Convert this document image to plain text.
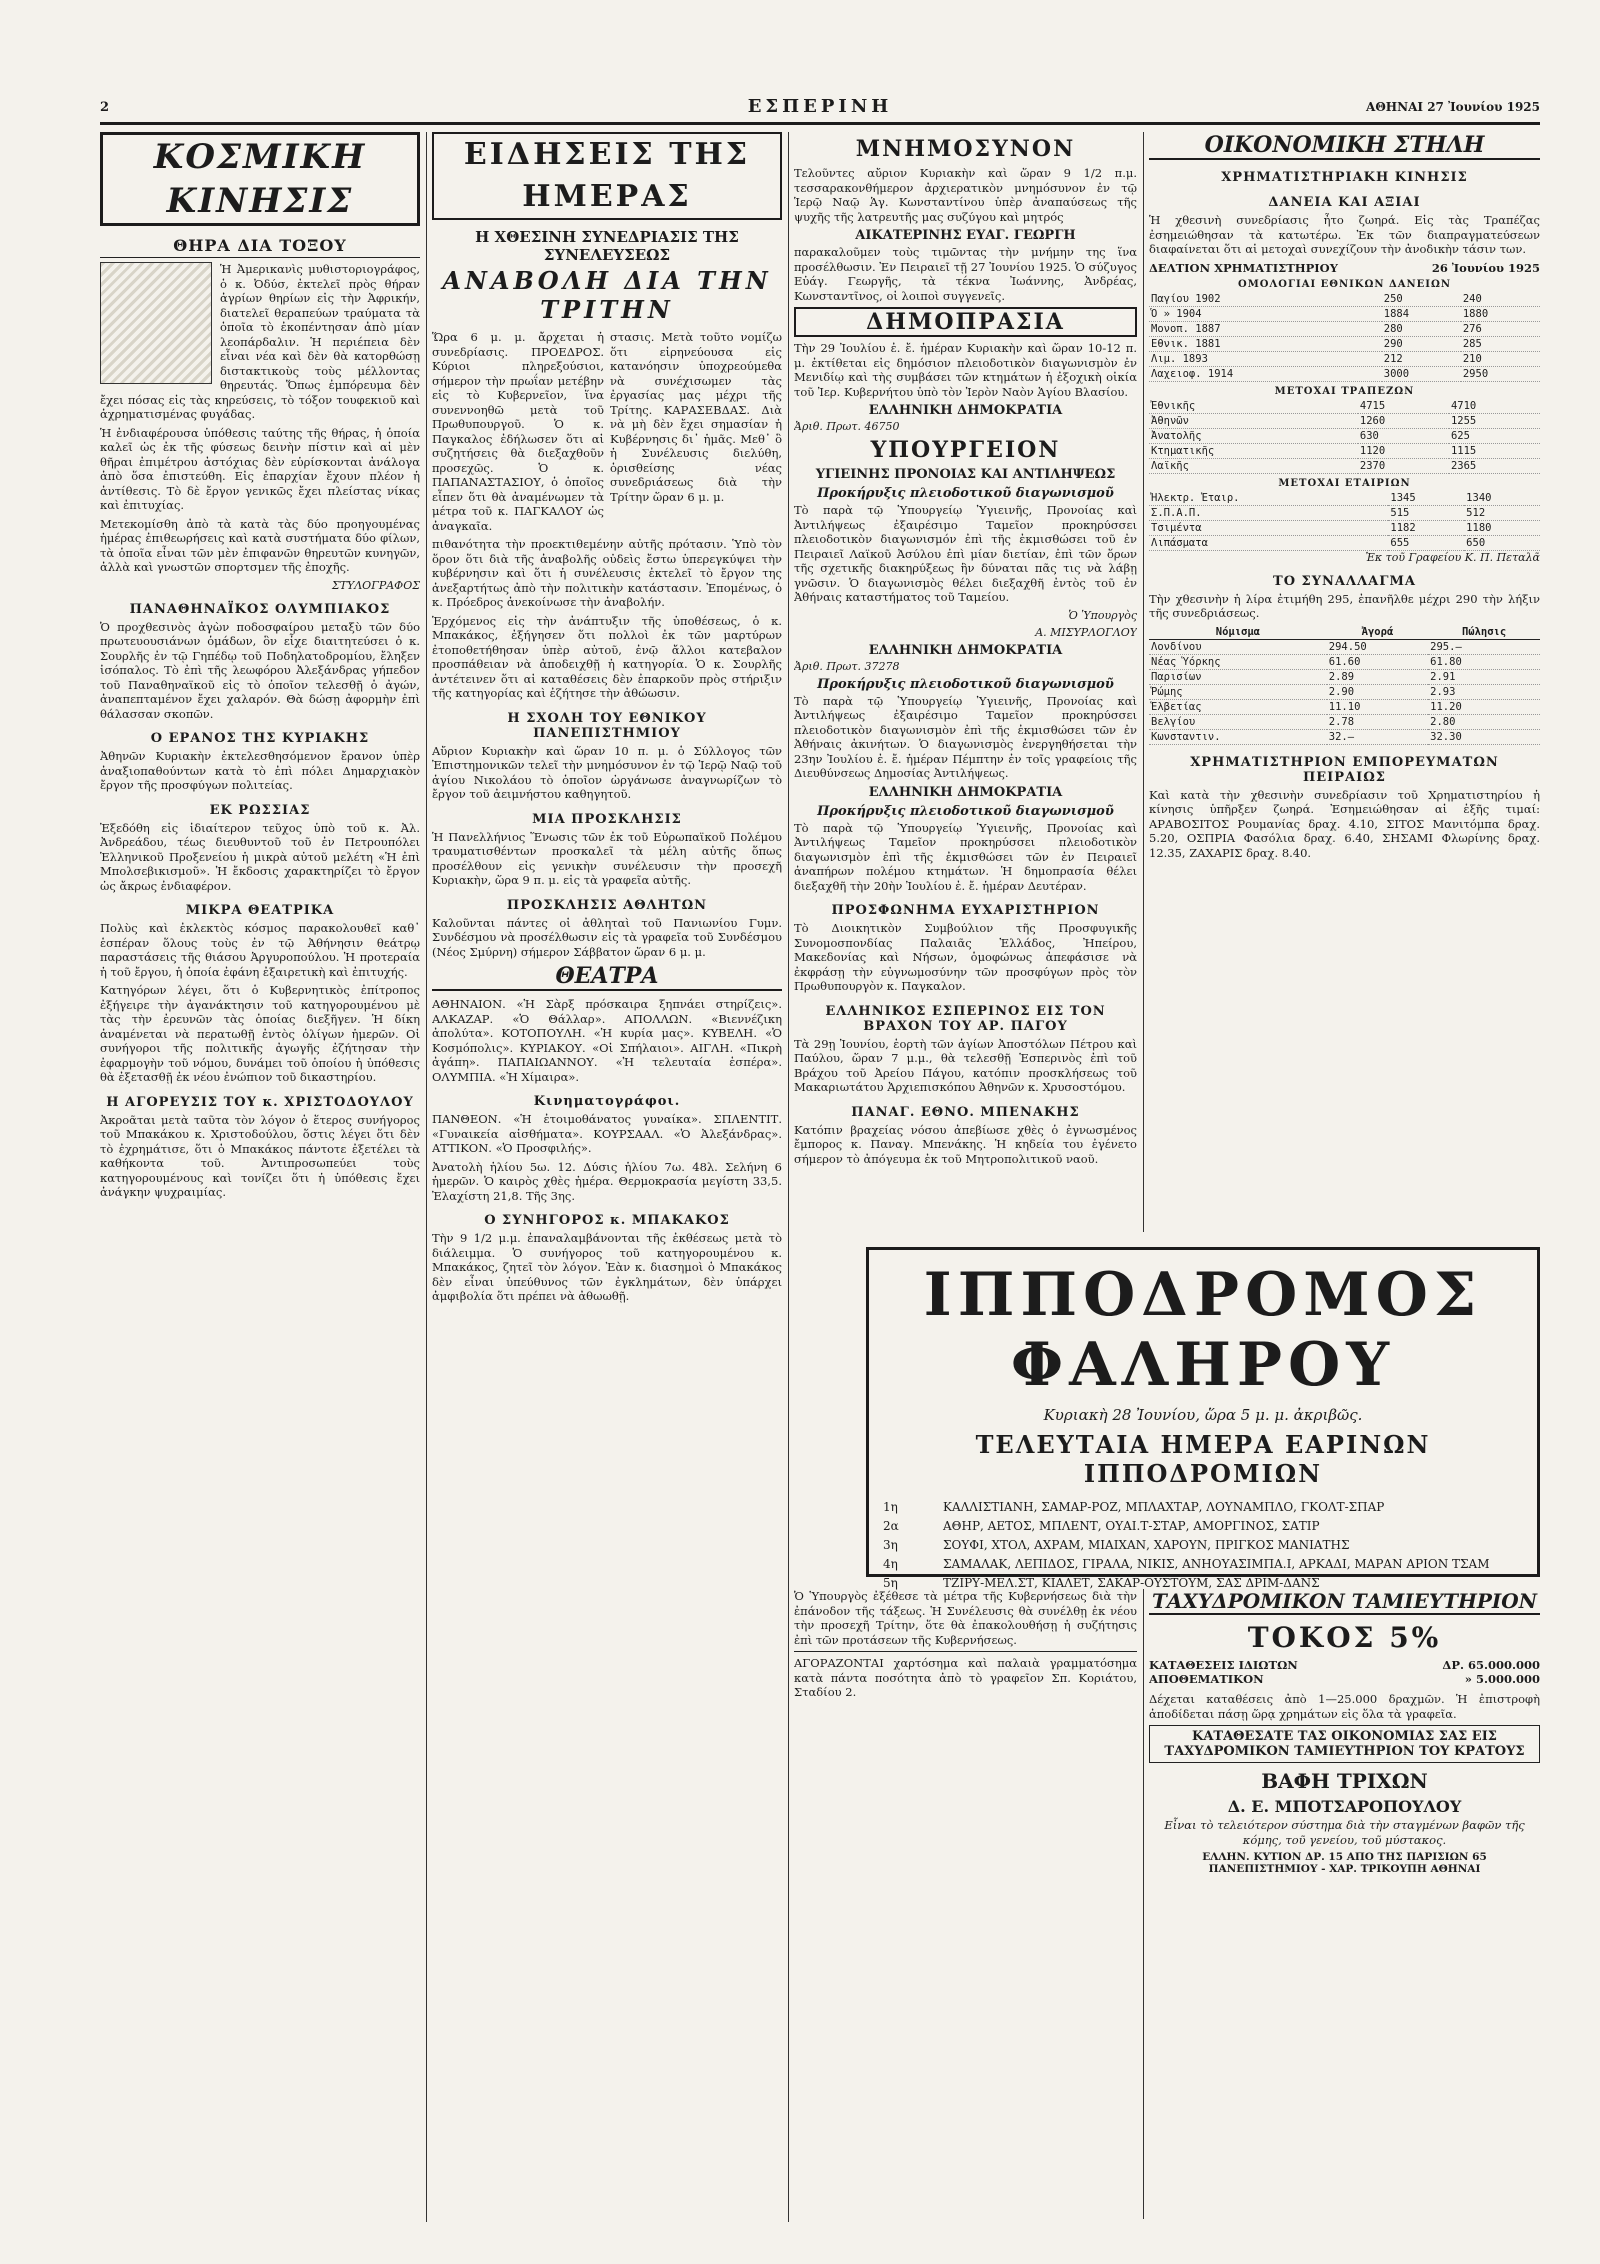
2	ΕΣΠΕΡΙΝΗ	ΑΘΗΝΑΙ 27 Ἰουνίου 1925
ΚΟΣΜΙΚΗ ΚΙΝΗΣΙΣ
ΘΗΡΑ ΔΙΑ ΤΟΞΟΥ

Ἡ Ἀμερικανὶς μυθιστοριογράφος, ὁ κ. Ὀδύσ, ἐκτελεῖ πρὸς θήραν ἀγρίων θηρίων εἰς τὴν Ἀφρικήν, διατελεῖ θεραπεύων τραύματα τὰ ὁποῖα τὸ ἐκοπέντησαν ἀπὸ μίαν λεοπάρδαλιν. Ἡ περιέπεια δὲν εἶναι νέα καὶ δὲν θὰ κατορθώσῃ διστακτικοὺς τοὺς μέλλοντας θηρευτάς. Ὅπως ἐμπόρευμα δὲν ἔχει πόσας εἰς τὰς κηρεύσεις, τὸ τόξον τουφεκιοῦ καὶ ἀχρηματισμένας φυγάδας.

Ἡ ἐνδιαφέρουσα ὑπόθεσις ταύτης τῆς θήρας, ἡ ὁποία καλεῖ ὡς ἐκ τῆς φύσεως δεινὴν πίστιν καὶ αἱ μὲν θῆραι ἐπιμέτρου ἀστόχιας δὲν εὑρίσκονται ἀνάλογα ἀπὸ ὅσα ἐπιστεύθη. Εἰς ἐπαρχίαν ἔχουν πλέον ἡ ἀντίθεσις. Τὸ δὲ ἔργον γενικῶς ἔχει πλείστας νίκας καὶ ἐπιτυχίας.

Μετεκομίσθη ἀπὸ τὰ κατὰ τὰς δύο προηγουμένας ἡμέρας ἐπιθεωρήσεις καὶ κατὰ συστήματα δύο φίλων, τὰ ὁποῖα εἶναι τῶν μὲν ἐπιφανῶν θηρευτῶν κυνηγῶν, ἀλλὰ καὶ γνωστῶν σπορτσμεν τῆς ἐποχῆς.

ΣΤΥΛΟΓΡΑΦΟΣ
ΠΑΝΑΘΗΝΑΪΚΟΣ ΟΛΥΜΠΙΑΚΟΣ

Ὁ προχθεσινὸς ἀγὼν ποδοσφαίρου μεταξὺ τῶν δύο πρωτευουσιάνων ὁμάδων, ὃν εἶχε διαιτητεύσει ὁ κ. Σουρλῆς ἐν τῷ Γηπέδῳ τοῦ Ποδηλατοδρομίου, ἔληξεν ἰσόπαλος. Τὸ ἐπὶ τῆς λεωφόρου Ἀλεξάνδρας γήπεδον τοῦ Παναθηναϊκοῦ εἰς τὸ ὁποῖον τελεσθῇ ὁ ἀγών, ἀναπεπταμένον ἔχει χαλαρόν. Θὰ δώσῃ ἀφορμὴν ἐπὶ θάλασσαν σκοπῶν.

Ο ΕΡΑΝΟΣ ΤΗΣ ΚΥΡΙΑΚΗΣ

Ἀθηνῶν Κυριακὴν ἐκτελεσθησόμενον ἔρανον ὑπὲρ ἀναξιοπαθούντων κατὰ τὸ ἐπὶ πόλει Δημαρχιακὸν ἔργον τῆς προσφύγων πολιτείας.

ΕΚ ΡΩΣΣΙΑΣ

Ἐξεδόθη εἰς ἰδιαίτερον τεῦχος ὑπὸ τοῦ κ. Ἀλ. Ἀνδρεάδου, τέως διευθυντοῦ τοῦ ἐν Πετρουπόλει Ἑλληνικοῦ Προξενείου ἡ μικρὰ αὐτοῦ μελέτη «Ἡ ἐπὶ Μπολσεβικισμοῦ». Ἡ ἔκδοσις χαρακτηρίζει τὸ ἔργον ὡς ἄκρως ἐνδιαφέρον.

ΜΙΚΡΑ ΘΕΑΤΡΙΚΑ

Πολὺς καὶ ἐκλεκτὸς κόσμος παρακολουθεῖ καθ᾽ ἑσπέραν ὅλους τοὺς ἐν τῷ Ἀθήνησιν θεάτρῳ παραστάσεις τῆς θιάσου Ἀργυροπούλου. Ἡ προτεραία ἡ τοῦ ἔργου, ἡ ὁποία ἐφάνη ἐξαιρετικὴ καὶ ἐπιτυχής.

Κατηγόρων λέγει, ὅτι ὁ Κυβερνητικὸς ἐπίτροπος ἐξήγειρε τὴν ἀγανάκτησιν τοῦ κατηγορουμένου μὲ τὰς τὴν ἐρευνῶν τὰς ὁποίας διεξῆγεν. Ἡ δίκη ἀναμένεται νὰ περατωθῇ ἐντὸς ὀλίγων ἡμερῶν. Οἱ συνήγοροι τῆς πολιτικῆς ἀγωγῆς ἐζήτησαν τὴν ἐφαρμογὴν τοῦ νόμου, δυνάμει τοῦ ὁποίου ἡ ὑπόθεσις θὰ ἐξετασθῇ ἐκ νέου ἐνώπιον τοῦ δικαστηρίου.

Η ΑΓΟΡΕΥΣΙΣ ΤΟΥ κ. ΧΡΙΣΤΟΔΟΥΛΟΥ

Ἀκροᾶται μετὰ ταῦτα τὸν λόγον ὁ ἕτερος συνήγορος τοῦ Μπακάκου κ. Χριστοδούλου, ὅστις λέγει ὅτι δὲν τὸ ἐχρημάτισε, ὅτι ὁ Μπακάκος πάντοτε ἐξετέλει τὰ καθήκοντα τοῦ. Ἀντιπροσωπεύει τοὺς κατηγορουμένους καὶ τονίζει ὅτι ἡ ὑπόθεσις ἔχει ἀνάγκην ψυχραιμίας.

ΕΙΔΗΣΕΙΣ ΤΗΣ ΗΜΕΡΑΣ
Η ΧΘΕΣΙΝΗ ΣΥΝΕΔΡΙΑΣΙΣ ΤΗΣ ΣΥΝΕΛΕΥΣΕΩΣ
ΑΝΑΒΟΛΗ ΔΙΑ ΤΗΝ ΤΡΙΤΗΝ

Ὥρα 6 μ. μ. ἄρχεται ἡ συνεδρίασις. ΠΡΟΕΔΡΟΣ. Κύριοι πληρεξούσιοι, σήμερον τὴν πρωΐαν μετέβην εἰς τὸ Κυβερνεῖον, ἵνα συνεννοηθῶ μετὰ τοῦ Πρωθυπουργοῦ. Ὁ κ. Παγκαλος ἐδήλωσεν ὅτι αἱ συζητήσεις θὰ διεξαχθοῦν προσεχῶς. Ὁ κ. ΠΑΠΑΝΑΣΤΑΣΙΟΥ, ὁ ὁποῖος εἶπεν ὅτι θὰ ἀναμένωμεν τὰ μέτρα τοῦ κ. ΠΑΓΚΑΛΟΥ ὡς ἀναγκαῖα.

στασις. Μετὰ τοῦτο νομίζω ὅτι εἰρηνεύουσα εἰς κατανόησιν ὑποχρεούμεθα νὰ συνέχισωμεν τὰς ἐργασίας μας μέχρι τῆς Τρίτης. ΚΑΡΑΣΕΒΔΑΣ. Διὰ νὰ μὴ δὲν ἔχει σημασίαν ἡ Κυβέρνησις δι᾽ ἡμᾶς. Μεθ᾽ ὃ ἡ Συνέλευσις διελύθη, ὁρισθείσης νέας συνεδριάσεως διὰ τὴν Τρίτην ὥραν 6 μ. μ.

πιθανότητα τὴν προεκτιθεμένην αὐτῆς πρότασιν. Ὑπὸ τὸν ὅρον ὅτι διὰ τῆς ἀναβολῆς οὐδεὶς ἔστω ὑπερεγκύψει τὴν κυβέρνησιν καὶ ὅτι ἡ συνέλευσις ἐκτελεῖ τὸ ἔργον της ἀνεξαρτήτως ἀπὸ τὴν πολιτικὴν κατάστασιν. Ἐπομένως, ὁ κ. Πρόεδρος ἀνεκοίνωσε τὴν ἀναβολήν.

Ἑρχόμενος εἰς τὴν ἀνάπτυξιν τῆς ὑποθέσεως, ὁ κ. Μπακάκος, ἐξήγησεν ὅτι πολλοὶ ἐκ τῶν μαρτύρων ἐτοποθετήθησαν ὑπὲρ αὐτοῦ, ἐνῷ ἄλλοι κατεβαλον προσπάθειαν νὰ ἀποδειχθῇ ἡ κατηγορία. Ὁ κ. Σουρλῆς ἀντέτεινεν ὅτι αἱ καταθέσεις δὲν ἐπαρκοῦν πρὸς στήριξιν τῆς κατηγορίας καὶ ἐζήτησε τὴν ἀθώωσιν.

Η ΣΧΟΛΗ ΤΟΥ ΕΘΝΙΚΟΥ ΠΑΝΕΠΙΣΤΗΜΙΟΥ

Αὔριον Κυριακὴν καὶ ὥραν 10 π. μ. ὁ Σύλλογος τῶν Ἐπιστημονικῶν τελεῖ τὴν μνημόσυνον ἐν τῷ Ἱερῷ Ναῷ τοῦ ἁγίου Νικολάου τὸ ὁποῖον ὠργάνωσε ἀναγνωρίζων τὸ ἔργον τοῦ ἀειμνήστου καθηγητοῦ.

ΜΙΑ ΠΡΟΣΚΛΗΣΙΣ

Ἡ Πανελλήνιος Ἕνωσις τῶν ἐκ τοῦ Εὐρωπαϊκοῦ Πολέμου τραυματισθέντων προσκαλεῖ τὰ μέλη αὐτῆς ὅπως προσέλθουν εἰς γενικὴν συνέλευσιν τὴν προσεχῆ Κυριακὴν, ὥρα 9 π. μ. εἰς τὰ γραφεῖα αὐτῆς.

ΠΡΟΣΚΛΗΣΙΣ ΑΘΛΗΤΩΝ

Καλοῦνται πάντες οἱ ἀθληταὶ τοῦ Πανιωνίου Γυμν. Συνδέσμου νὰ προσέλθωσιν εἰς τὰ γραφεῖα τοῦ Συνδέσμου (Νέος Σμύρνη) σήμερον Σάββατον ὥραν 6 μ. μ.

ΘΕΑΤΡΑ

ΑΘΗΝΑΙΟΝ. «Ἡ Σὰρξ πρόσκαιρα ξηπνάει στηρίζεις». ΑΛΚΑΖΑΡ. «Ὁ Θάλλαρ». ΑΠΟΛΛΩΝ. «Βιεννέζικη ἀπολύτα». ΚΟΤΟΠΟΥΛΗ. «Ἡ κυρία μας». ΚΥΒΕΛΗ. «Ὁ Κοσμόπολις». ΚΥΡΙΑΚΟΥ. «Οἱ Σπήλαιοι». ΑΙΓΛΗ. «Πικρὴ ἀγάπη». ΠΑΠΑΙΩΑΝΝΟΥ. «Ἡ τελευταία ἑσπέρα». ΟΛΥΜΠΙΑ. «Ἡ Χίμαιρα».

Κινηματογράφοι.

ΠΑΝΘΕΟΝ. «Ἡ ἐτοιμοθάνατος γυναίκα». ΣΠΛΕΝΤΙΤ. «Γυναικεία αἰσθήματα». ΚΟΥΡΣΑΑΛ. «Ὁ Ἀλεξάνδρας». ΑΤΤΙΚΟΝ. «Ὁ Προσφιλής».

Ἀνατολὴ ἡλίου 5ω. 12. Δύσις ἡλίου 7ω. 48λ. Σελήνη 6 ἡμερῶν. Ὁ καιρὸς χθὲς ἡμέρα. Θερμοκρασία μεγίστη 33,5. Ἐλαχίστη 21,8. Τῆς 3ης.

Ο ΣΥΝΗΓΟΡΟΣ κ. ΜΠΑΚΑΚΟΣ

Τὴν 9 1/2 μ.μ. ἐπαναλαμβάνονται τῆς ἐκθέσεως μετὰ τὸ διάλειμμα. Ὁ συνήγορος τοῦ κατηγορουμένου κ. Μπακάκος, ζητεῖ τὸν λόγον. Ἐὰν κ. διασημοὶ ὁ Μπακάκος δὲν εἶναι ὑπεύθυνος τῶν ἐγκλημάτων, δὲν ὑπάρχει ἀμφιβολία ὅτι πρέπει νὰ ἀθωωθῇ.

ΜΝΗΜΟΣΥΝΟΝ

Τελοῦντες αὔριον Κυριακὴν καὶ ὥραν 9 1/2 π.μ. τεσσαρακονθήμερον ἀρχιερατικὸν μνημόσυνον ἐν τῷ Ἱερῷ Ναῷ Ἁγ. Κωνσταντίνου ὑπὲρ ἀναπαύσεως τῆς ψυχῆς τῆς λατρευτῆς μας συζύγου καὶ μητρός

ΑΙΚΑΤΕΡΙΝΗΣ ΕΥΑΓ. ΓΕΩΡΓΗ

παρακαλοῦμεν τοὺς τιμῶντας τὴν μνήμην της ἵνα προσέλθωσιν. Ἐν Πειραιεῖ τῇ 27 Ἰουνίου 1925. Ὁ σύζυγος Εὐάγ. Γεωργῆς, τὰ τέκνα Ἰωάννης, Ἀνδρέας, Κωνσταντῖνος, οἱ λοιποὶ συγγενεῖς.

ΔΗΜΟΠΡΑΣΙΑ

Τὴν 29 Ἰουλίου ἐ. ἔ. ἡμέραν Κυριακὴν καὶ ὥραν 10-12 π. μ. ἐκτίθεται εἰς δημόσιον πλειοδοτικὸν διαγωνισμὸν ἐν Μενιδίῳ καὶ τὴς συμβάσει τῶν κτημάτων ἡ ἐξοχικὴ οἰκία τοῦ Ἰερ. Κυβερνήτου ὑπὸ τὸν Ἱερὸν Ναὸν Ἁγίου Βλασίου.

ΕΛΛΗΝΙΚΗ ΔΗΜΟΚΡΑΤΙΑ
Ἀριθ. Πρωτ. 46750
ΥΠΟΥΡΓΕΙΟΝ
ΥΓΙΕΙΝΗΣ ΠΡΟΝΟΙΑΣ ΚΑΙ ΑΝΤΙΛΗΨΕΩΣ
Προκήρυξις πλειοδοτικοῦ διαγωνισμοῦ

Τὸ παρὰ τῷ Ὑπουργείῳ Ὑγιεινῆς, Προνοίας καὶ Ἀντιλήψεως ἐξαιρέσιμο Ταμεῖον προκηρύσσει πλειοδοτικὸν διαγωνισμόν ἐπὶ τῆς ἐκμισθώσει τοῦ ἐν Πειραιεῖ Λαϊκοῦ Ἀσύλου ἐπὶ μίαν διετίαν, ἐπὶ τῶν ὅρων τῆς σχετικῆς διακηρύξεως ἣν δύναται πᾶς τις νὰ λάβῃ γνῶσιν. Ὁ διαγωνισμὸς θέλει διεξαχθῆ ἐντὸς τοῦ ἐν Ἀθήναις καταστήματος τοῦ Ταμείου.

Ὁ Ὑπουργὸς
Α. ΜΙΣΥΡΛΟΓΛΟΥ
ΕΛΛΗΝΙΚΗ ΔΗΜΟΚΡΑΤΙΑ
Ἀριθ. Πρωτ. 37278
Προκήρυξις πλειοδοτικοῦ διαγωνισμοῦ

Τὸ παρὰ τῷ Ὑπουργείῳ Ὑγιεινῆς, Προνοίας καὶ Ἀντιλήψεως ἐξαιρέσιμο Ταμεῖον προκηρύσσει πλειοδοτικὸν διαγωνισμὸν ἐπὶ τῆς ἐκμισθώσει τῶν ἐν Ἀθήναις ἀκινήτων. Ὁ διαγωνισμὸς ἐνεργηθήσεται τὴν 23ην Ἰουλίου ἐ. ἔ. ἡμέραν Πέμπτην ἐν τοῖς γραφείοις τῆς Διευθύνσεως Δημοσίας Ἀντιλήψεως.

ΕΛΛΗΝΙΚΗ ΔΗΜΟΚΡΑΤΙΑ
Προκήρυξις πλειοδοτικοῦ διαγωνισμοῦ

Τὸ παρὰ τῷ Ὑπουργείῳ Ὑγιεινῆς, Προνοίας καὶ Ἀντιλήψεως Ταμεῖον προκηρύσσει πλειοδοτικὸν διαγωνισμὸν ἐπὶ τῆς ἐκμισθώσει τῶν ἐν Πειραιεῖ ἀναπήρων πολέμου κτημάτων. Ἡ δημοπρασία θέλει διεξαχθῆ τὴν 20ὴν Ἰουλίου ἐ. ἔ. ἡμέραν Δευτέραν.

ΠΡΟΣΦΩΝΗΜΑ ΕΥΧΑΡΙΣΤΗΡΙΟΝ

Τὸ Διοικητικὸν Συμβούλιον τῆς Προσφυγικῆς Συνομοσπονδίας Παλαιᾶς Ἑλλάδος, Ἠπείρου, Μακεδονίας καὶ Νήσων, ὁμοφώνως ἀπεφάσισε νὰ ἐκφράσῃ τὴν εὐγνωμοσύνην τῶν προσφύγων πρὸς τὸν Πρωθυπουργὸν κ. Παγκαλον.

ΕΛΛΗΝΙΚΟΣ ΕΣΠΕΡΙΝΟΣ ΕΙΣ ΤΟΝ ΒΡΑΧΟΝ ΤΟΥ ΑΡ. ΠΑΓΟΥ

Τὰ 29ῃ Ἰουνίου, ἑορτὴ τῶν ἁγίων Ἀποστόλων Πέτρου καὶ Παύλου, ὥραν 7 μ.μ., θὰ τελεσθῇ Ἑσπερινὸς ἐπὶ τοῦ Βράχου τοῦ Ἀρείου Πάγου, κατόπιν προσκλήσεως τοῦ Μακαριωτάτου Ἀρχιεπισκόπου Ἀθηνῶν κ. Χρυσοστόμου.

ΠΑΝΑΓ. ΕΘΝΟ. ΜΠΕΝΑΚΗΣ

Κατόπιν βραχείας νόσου ἀπεβίωσε χθὲς ὁ ἐγνωσμένος ἔμπορος κ. Παναγ. Μπενάκης. Ἡ κηδεία του ἐγένετο σήμερον τὸ ἀπόγευμα ἐκ τοῦ Μητροπολιτικοῦ ναοῦ.

ΟΙΚΟΝΟΜΙΚΗ ΣΤΗΛΗ
ΧΡΗΜΑΤΙΣΤΗΡΙΑΚΗ ΚΙΝΗΣΙΣ
ΔΑΝΕΙΑ ΚΑΙ ΑΞΙΑΙ

Ἡ χθεσινὴ συνεδρίασις ἦτο ζωηρά. Εἰς τὰς Τραπέζας ἐσημειώθησαν τὰ κατωτέρω. Ἐκ τῶν διαπραγματεύσεων διαφαίνεται ὅτι αἱ μετοχαὶ συνεχίζουν τὴν ἀνοδικὴν τάσιν των.

ΔΕΛΤΙΟΝ ΧΡΗΜΑΤΙΣΤΗΡΙΟΥ	26 Ἰουνίου 1925
ΟΜΟΛΟΓΙΑΙ ΕΘΝΙΚΩΝ ΔΑΝΕΙΩΝ
Παγίου 1902	250	240
Ὁ » 1904	1884	1880
Μονοπ. 1887	280	276
Εθνικ. 1881	290	285
Λιμ. 1893	212	210
Λαχειοφ. 1914	3000	2950
ΜΕΤΟΧΑΙ ΤΡΑΠΕΖΩΝ
Ἐθνικῆς	4715	4710
Ἀθηνῶν	1260	1255
Ἀνατολῆς	630	625
Κτηματικῆς	1120	1115
Λαϊκῆς	2370	2365
ΜΕΤΟΧΑΙ ΕΤΑΙΡΙΩΝ
Ἠλεκτρ. Ἑταιρ.	1345	1340
Σ.Π.Α.Π.	515	512
Τσιμέντα	1182	1180
Λιπάσματα	655	650
Ἐκ τοῦ Γραφείου Κ. Π. Πεταλᾶ
ΤΟ ΣΥΝΑΛΛΑΓΜΑ

Τὴν χθεσινὴν ἡ λίρα ἐτιμήθη 295, ἐπανῆλθε μέχρι 290 τὴν λήξιν τῆς συνεδριάσεως.

Νόμισμα	Ἀγορά	Πώλησις
Λονδίνου	294.50	295.—
Νέας Ὑόρκης	61.60	61.80
Παρισίων	2.89	2.91
Ῥώμης	2.90	2.93
Ἑλβετίας	11.10	11.20
Βελγίου	2.78	2.80
Κωνσταντιν.	32.—	32.30
ΧΡΗΜΑΤΙΣΤΗΡΙΟΝ ΕΜΠΟΡΕΥΜΑΤΩΝ ΠΕΙΡΑΙΩΣ

Καὶ κατὰ τὴν χθεσινὴν συνεδρίασιν τοῦ Χρηματιστηρίου ἡ κίνησις ὑπῆρξεν ζωηρά. Ἐσημειώθησαν αἱ ἑξῆς τιμαί: ΑΡΑΒΟΣΙΤΟΣ Ρουμανίας δραχ. 4.10, ΣΙΤΟΣ Μανιτόμπα δραχ. 5.20, ΟΣΠΡΙΑ Φασόλια δραχ. 6.40, ΣΗΣΑΜΙ Φλωρίνης δραχ. 12.35, ΖΑΧΑΡΙΣ δραχ. 8.40.

ΙΠΠΟΔΡΟΜΟΣ ΦΑΛΗΡΟΥ
Κυριακὴ 28 Ἰουνίου, ὥρα 5 μ. μ. ἀκριβῶς.
ΤΕΛΕΥΤΑΙΑ ΗΜΕΡΑ ΕΑΡΙΝΩΝ ΙΠΠΟΔΡΟΜΙΩΝ
1η	ΚΑΛΛΙΣΤΙΑΝΗ, ΣΑΜΑΡ-ΡΟΖ, ΜΠΛΑΧΤΑΡ, ΛΟΥΝΑΜΠΛΟ, ΓΚΟΛΤ-ΣΠΑΡ
2α	ΑΘΗΡ, ΑΕΤΟΣ, ΜΠΛΕΝΤ, ΟΥΑΙ.Τ-ΣΤΑΡ, ΑΜΟΡΓΙΝΟΣ, ΣΑΤΙΡ
3η	ΣΟΥΦΙ, ΧΤΟΛ, ΑΧΡΑΜ, ΜΙΑΙΧΑΝ, ΧΑΡΟΥΝ, ΠΡΙΓΚΟΣ ΜΑΝΙΑΤΗΣ
4η	ΣΑΜΑΛΑΚ, ΛΕΠΙΔΟΣ, ΓΙΡΑΛΑ, ΝΙΚΙΣ, ΑΝΗΟΥΑΣΙΜΠΑ.Ι, ΑΡΚΑΔΙ, ΜΑΡΑΝ ΑΡΙΟΝ ΤΣΑΜ
5η	ΤΖΙΡΥ-ΜΕΛ.ΣΤ, ΚΙΑΛΕΤ, ΣΑΚΑΡ-ΟΥΣΤΟΥΜ, ΣΑΣ ΔΡΙΜ-ΔΑΝΣ

Ὁ Ὑπουργὸς ἐξέθεσε τὰ μέτρα τῆς Κυβερνήσεως διὰ τὴν ἐπάνοδον τῆς τάξεως. Ἡ Συνέλευσις θὰ συνέλθῃ ἐκ νέου τὴν προσεχῆ Τρίτην, ὅτε θὰ ἐπακολουθήσῃ ἡ συζήτησις ἐπὶ τῶν προτάσεων τῆς Κυβερνήσεως.

ΑΓΟΡΑΖΟΝΤΑΙ χαρτόσημα καὶ παλαιὰ γραμματόσημα κατὰ πάντα ποσότητα ἀπὸ τὸ γραφεῖον Σπ. Κοριάτου, Σταδίου 2.

ΤΑΧΥΔΡΟΜΙΚΟΝ ΤΑΜΙΕΥΤΗΡΙΟΝ
ΤΟΚΟΣ 5%
ΚΑΤΑΘΕΣΕΙΣ ΙΔΙΩΤΩΝ	ΔΡ. 65.000.000
ΑΠΟΘΕΜΑΤΙΚΟΝ	» 5.000.000

Δέχεται καταθέσεις ἀπὸ 1—25.000 δραχμῶν. Ἡ ἐπιστροφὴ ἀποδίδεται πάσῃ ὥρᾳ χρημάτων εἰς ὅλα τὰ γραφεῖα.

ΚΑΤΑΘΕΣΑΤΕ ΤΑΣ ΟΙΚΟΝΟΜΙΑΣ ΣΑΣ ΕΙΣ ΤΑΧΥΔΡΟΜΙΚΟΝ ΤΑΜΙΕΥΤΗΡΙΟΝ ΤΟΥ ΚΡΑΤΟΥΣ
ΒΑΦΗ ΤΡΙΧΩΝ
Δ. Ε. ΜΠΟΤΣΑΡΟΠΟΥΛΟΥ

Εἶναι τὸ τελειότερον σύστημα διὰ τὴν σταγμένων βαφῶν τῆς κόμης, τοῦ γενείου, τοῦ μύστακος.

ΕΛΛΗΝ. ΚΥΤΙΟΝ ΔΡ. 15 ΑΠΟ ΤΗΣ ΠΑΡΙΣΙΩΝ 65 ΠΑΝΕΠΙΣΤΗΜΙΟΥ - ΧΑΡ. ΤΡΙΚΟΥΠΗ ΑΘΗΝΑΙ
